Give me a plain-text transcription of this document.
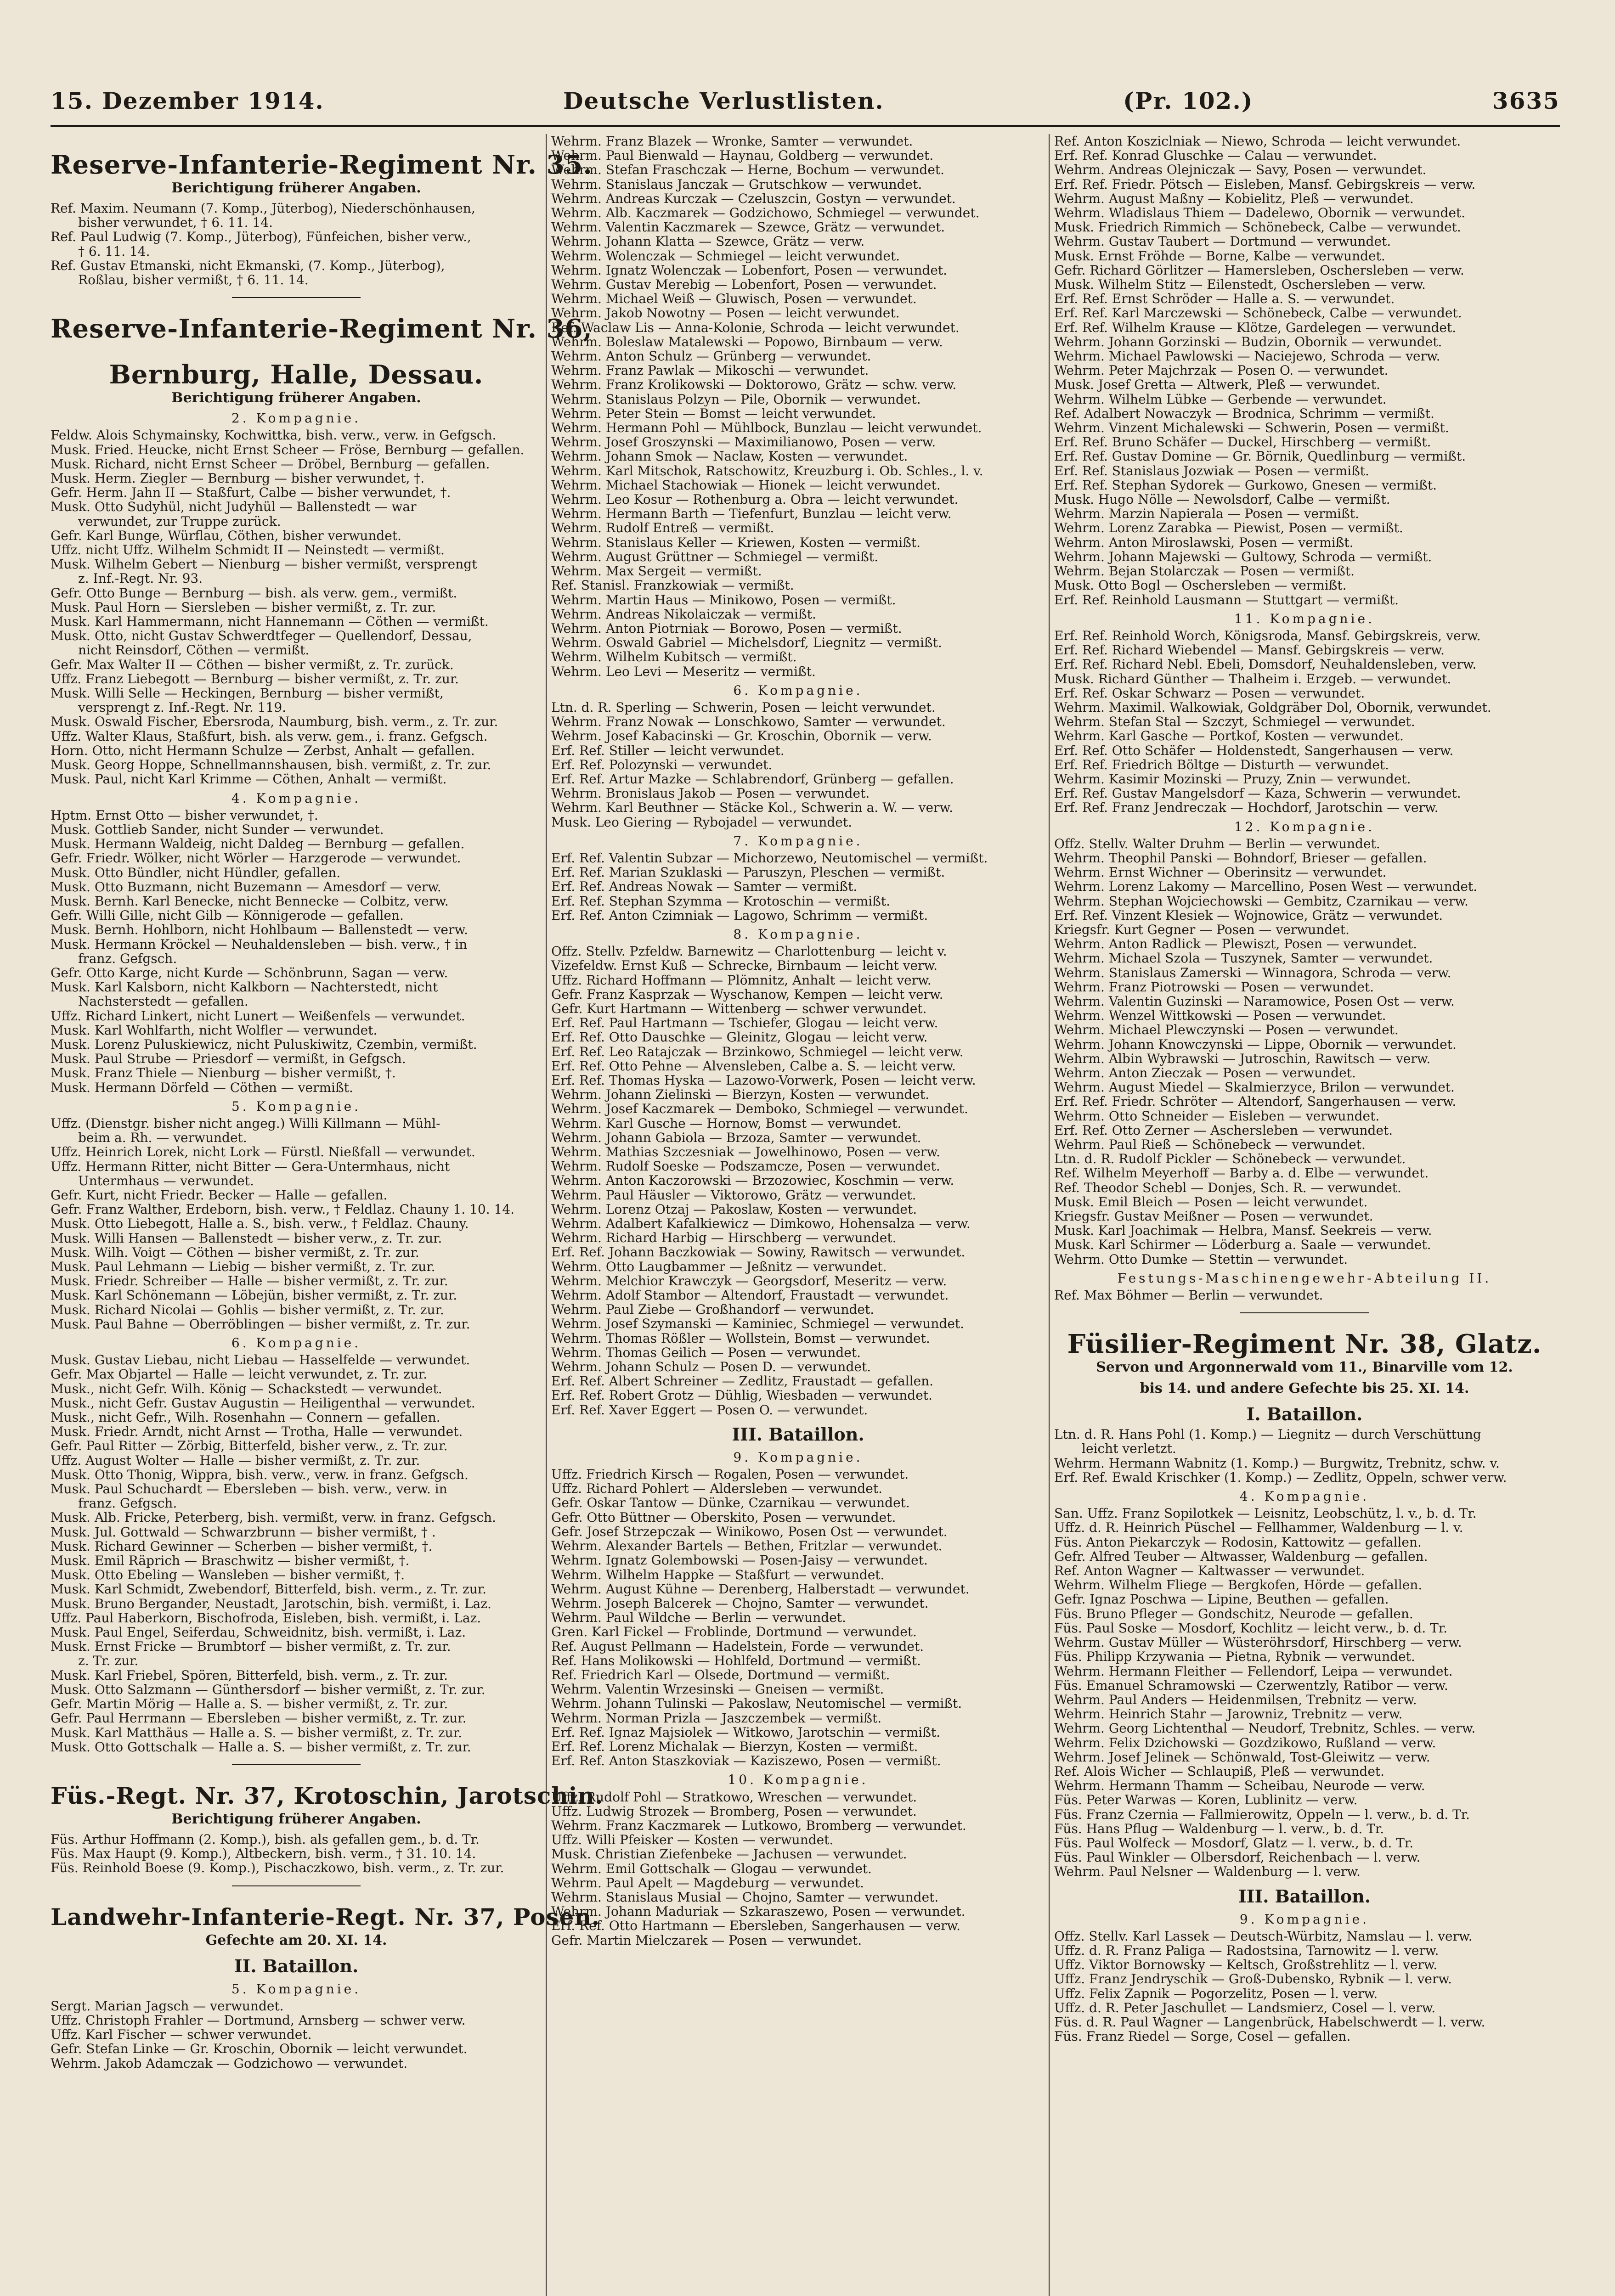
15. Dezember 1914.	Deutsche Verlustlisten.	(Pr. 102.)	3635
Reserve-Infanterie-Regiment Nr. 35.
Berichtigung früherer Angaben.
Ref. Maxim. Neumann (7. Komp., Jüterbog), Niederschönhausen,
bisher verwundet, † 6. 11. 14.
Ref. Paul Ludwig (7. Komp., Jüterbog), Fünfeichen, bisher verw.,
† 6. 11. 14.
Ref. Gustav Etmanski, nicht Ekmanski, (7. Komp., Jüterbog),
Roßlau, bisher vermißt, † 6. 11. 14.
Reserve-Infanterie-Regiment Nr. 36,
Bernburg, Halle, Dessau.
Berichtigung früherer Angaben.
2. Kompagnie.
Feldw. Alois Schymainsky, Kochwittka, bish. verw., verw. in Gefgsch.
Musk. Fried. Heucke, nicht Ernst Scheer — Fröse, Bernburg — gefallen.
Musk. Richard, nicht Ernst Scheer — Dröbel, Bernburg — gefallen.
Musk. Herm. Ziegler — Bernburg — bisher verwundet, †.
Gefr. Herm. Jahn II — Staßfurt, Calbe — bisher verwundet, †.
Musk. Otto Sudyhül, nicht Judyhül — Ballenstedt — war
verwundet, zur Truppe zurück.
Gefr. Karl Bunge, Würflau, Cöthen, bisher verwundet.
Uffz. nicht Uffz. Wilhelm Schmidt II — Neinstedt — vermißt.
Musk. Wilhelm Gebert — Nienburg — bisher vermißt, versprengt
z. Inf.-Regt. Nr. 93.
Gefr. Otto Bunge — Bernburg — bish. als verw. gem., vermißt.
Musk. Paul Horn — Siersleben — bisher vermißt, z. Tr. zur.
Musk. Karl Hammermann, nicht Hannemann — Cöthen — vermißt.
Musk. Otto, nicht Gustav Schwerdtfeger — Quellendorf, Dessau,
nicht Reinsdorf, Cöthen — vermißt.
Gefr. Max Walter II — Cöthen — bisher vermißt, z. Tr. zurück.
Uffz. Franz Liebegott — Bernburg — bisher vermißt, z. Tr. zur.
Musk. Willi Selle — Heckingen, Bernburg — bisher vermißt,
versprengt z. Inf.-Regt. Nr. 119.
Musk. Oswald Fischer, Ebersroda, Naumburg, bish. verm., z. Tr. zur.
Uffz. Walter Klaus, Staßfurt, bish. als verw. gem., i. franz. Gefgsch.
Horn. Otto, nicht Hermann Schulze — Zerbst, Anhalt — gefallen.
Musk. Georg Hoppe, Schnellmannshausen, bish. vermißt, z. Tr. zur.
Musk. Paul, nicht Karl Krimme — Cöthen, Anhalt — vermißt.
4. Kompagnie.
Hptm. Ernst Otto — bisher verwundet, †.
Musk. Gottlieb Sander, nicht Sunder — verwundet.
Musk. Hermann Waldeig, nicht Daldeg — Bernburg — gefallen.
Gefr. Friedr. Wölker, nicht Wörler — Harzgerode — verwundet.
Musk. Otto Bündler, nicht Hündler, gefallen.
Musk. Otto Buzmann, nicht Buzemann — Amesdorf — verw.
Musk. Bernh. Karl Benecke, nicht Bennecke — Colbitz, verw.
Gefr. Willi Gille, nicht Gilb — Könnigerode — gefallen.
Musk. Bernh. Hohlborn, nicht Hohlbaum — Ballenstedt — verw.
Musk. Hermann Kröckel — Neuhaldensleben — bish. verw., † in
franz. Gefgsch.
Gefr. Otto Karge, nicht Kurde — Schönbrunn, Sagan — verw.
Musk. Karl Kalsborn, nicht Kalkborn — Nachterstedt, nicht
Nachsterstedt — gefallen.
Uffz. Richard Linkert, nicht Lunert — Weißenfels — verwundet.
Musk. Karl Wohlfarth, nicht Wolfler — verwundet.
Musk. Lorenz Puluskiewicz, nicht Puluskiwitz, Czembin, vermißt.
Musk. Paul Strube — Priesdorf — vermißt, in Gefgsch.
Musk. Franz Thiele — Nienburg — bisher vermißt, †.
Musk. Hermann Dörfeld — Cöthen — vermißt.
5. Kompagnie.
Uffz. (Dienstgr. bisher nicht angeg.) Willi Killmann — Mühl-
beim a. Rh. — verwundet.
Uffz. Heinrich Lorek, nicht Lork — Fürstl. Nießfall — verwundet.
Uffz. Hermann Ritter, nicht Bitter — Gera-Untermhaus, nicht
Untermhaus — verwundet.
Gefr. Kurt, nicht Friedr. Becker — Halle — gefallen.
Gefr. Franz Walther, Erdeborn, bish. verw., † Feldlaz. Chauny 1. 10. 14.
Musk. Otto Liebegott, Halle a. S., bish. verw., † Feldlaz. Chauny.
Musk. Willi Hansen — Ballenstedt — bisher verw., z. Tr. zur.
Musk. Wilh. Voigt — Cöthen — bisher vermißt, z. Tr. zur.
Musk. Paul Lehmann — Liebig — bisher vermißt, z. Tr. zur.
Musk. Friedr. Schreiber — Halle — bisher vermißt, z. Tr. zur.
Musk. Karl Schönemann — Löbejün, bisher vermißt, z. Tr. zur.
Musk. Richard Nicolai — Gohlis — bisher vermißt, z. Tr. zur.
Musk. Paul Bahne — Oberröblingen — bisher vermißt, z. Tr. zur.
6. Kompagnie.
Musk. Gustav Liebau, nicht Liebau — Hasselfelde — verwundet.
Gefr. Max Objartel — Halle — leicht verwundet, z. Tr. zur.
Musk., nicht Gefr. Wilh. König — Schackstedt — verwundet.
Musk., nicht Gefr. Gustav Augustin — Heiligenthal — verwundet.
Musk., nicht Gefr., Wilh. Rosenhahn — Connern — gefallen.
Musk. Friedr. Arndt, nicht Arnst — Trotha, Halle — verwundet.
Gefr. Paul Ritter — Zörbig, Bitterfeld, bisher verw., z. Tr. zur.
Uffz. August Wolter — Halle — bisher vermißt, z. Tr. zur.
Musk. Otto Thonig, Wippra, bish. verw., verw. in franz. Gefgsch.
Musk. Paul Schuchardt — Ebersleben — bish. verw., verw. in
franz. Gefgsch.
Musk. Alb. Fricke, Peterberg, bish. vermißt, verw. in franz. Gefgsch.
Musk. Jul. Gottwald — Schwarzbrunn — bisher vermißt, † .
Musk. Richard Gewinner — Scherben — bisher vermißt, †.
Musk. Emil Räprich — Braschwitz — bisher vermißt, †.
Musk. Otto Ebeling — Wansleben — bisher vermißt, †.
Musk. Karl Schmidt, Zwebendorf, Bitterfeld, bish. verm., z. Tr. zur.
Musk. Bruno Bergander, Neustadt, Jarotschin, bish. vermißt, i. Laz.
Uffz. Paul Haberkorn, Bischofroda, Eisleben, bish. vermißt, i. Laz.
Musk. Paul Engel, Seiferdau, Schweidnitz, bish. vermißt, i. Laz.
Musk. Ernst Fricke — Brumbtorf — bisher vermißt, z. Tr. zur.
z. Tr. zur.
Musk. Karl Friebel, Spören, Bitterfeld, bish. verm., z. Tr. zur.
Musk. Otto Salzmann — Günthersdorf — bisher vermißt, z. Tr. zur.
Gefr. Martin Mörig — Halle a. S. — bisher vermißt, z. Tr. zur.
Gefr. Paul Herrmann — Ebersleben — bisher vermißt, z. Tr. zur.
Musk. Karl Matthäus — Halle a. S. — bisher vermißt, z. Tr. zur.
Musk. Otto Gottschalk — Halle a. S. — bisher vermißt, z. Tr. zur.
Füs.-Regt. Nr. 37, Krotoschin, Jarotschin.
Berichtigung früherer Angaben.
Füs. Arthur Hoffmann (2. Komp.), bish. als gefallen gem., b. d. Tr.
Füs. Max Haupt (9. Komp.), Altbeckern, bish. verm., † 31. 10. 14.
Füs. Reinhold Boese (9. Komp.), Pischaczkowo, bish. verm., z. Tr. zur.
Landwehr-Infanterie-Regt. Nr. 37, Posen.
Gefechte am 20. XI. 14.
II. Bataillon.
5. Kompagnie.
Sergt. Marian Jagsch — verwundet.
Uffz. Christoph Frahler — Dortmund, Arnsberg — schwer verw.
Uffz. Karl Fischer — schwer verwundet.
Gefr. Stefan Linke — Gr. Kroschin, Obornik — leicht verwundet.
Wehrm. Jakob Adamczak — Godzichowo — verwundet.
Wehrm. Franz Blazek — Wronke, Samter — verwundet.
Wehrm. Paul Bienwald — Haynau, Goldberg — verwundet.
Wehrm. Stefan Fraschczak — Herne, Bochum — verwundet.
Wehrm. Stanislaus Janczak — Grutschkow — verwundet.
Wehrm. Andreas Kurczak — Czeluszcin, Gostyn — verwundet.
Wehrm. Alb. Kaczmarek — Godzichowo, Schmiegel — verwundet.
Wehrm. Valentin Kaczmarek — Szewce, Grätz — verwundet.
Wehrm. Johann Klatta — Szewce, Grätz — verw.
Wehrm. Wolenczak — Schmiegel — leicht verwundet.
Wehrm. Ignatz Wolenczak — Lobenfort, Posen — verwundet.
Wehrm. Gustav Merebig — Lobenfort, Posen — verwundet.
Wehrm. Michael Weiß — Gluwisch, Posen — verwundet.
Wehrm. Jakob Nowotny — Posen — leicht verwundet.
Ref. Waclaw Lis — Anna-Kolonie, Schroda — leicht verwundet.
Wehrm. Boleslaw Matalewski — Popowo, Birnbaum — verw.
Wehrm. Anton Schulz — Grünberg — verwundet.
Wehrm. Franz Pawlak — Mikoschi — verwundet.
Wehrm. Franz Krolikowski — Doktorowo, Grätz — schw. verw.
Wehrm. Stanislaus Polzyn — Pile, Obornik — verwundet.
Wehrm. Peter Stein — Bomst — leicht verwundet.
Wehrm. Hermann Pohl — Mühlbock, Bunzlau — leicht verwundet.
Wehrm. Josef Groszynski — Maximilianowo, Posen — verw.
Wehrm. Johann Smok — Naclaw, Kosten — verwundet.
Wehrm. Karl Mitschok, Ratschowitz, Kreuzburg i. Ob. Schles., l. v.
Wehrm. Michael Stachowiak — Hionek — leicht verwundet.
Wehrm. Leo Kosur — Rothenburg a. Obra — leicht verwundet.
Wehrm. Hermann Barth — Tiefenfurt, Bunzlau — leicht verw.
Wehrm. Rudolf Entreß — vermißt.
Wehrm. Stanislaus Keller — Kriewen, Kosten — vermißt.
Wehrm. August Grüttner — Schmiegel — vermißt.
Wehrm. Max Sergeit — vermißt.
Ref. Stanisl. Franzkowiak — vermißt.
Wehrm. Martin Haus — Minikowo, Posen — vermißt.
Wehrm. Andreas Nikolaiczak — vermißt.
Wehrm. Anton Piotrniak — Borowo, Posen — vermißt.
Wehrm. Oswald Gabriel — Michelsdorf, Liegnitz — vermißt.
Wehrm. Wilhelm Kubitsch — vermißt.
Wehrm. Leo Levi — Meseritz — vermißt.
6. Kompagnie.
Ltn. d. R. Sperling — Schwerin, Posen — leicht verwundet.
Wehrm. Franz Nowak — Lonschkowo, Samter — verwundet.
Wehrm. Josef Kabacinski — Gr. Kroschin, Obornik — verw.
Erf. Ref. Stiller — leicht verwundet.
Erf. Ref. Polozynski — verwundet.
Erf. Ref. Artur Mazke — Schlabrendorf, Grünberg — gefallen.
Wehrm. Bronislaus Jakob — Posen — verwundet.
Wehrm. Karl Beuthner — Stäcke Kol., Schwerin a. W. — verw.
Musk. Leo Giering — Rybojadel — verwundet.
7. Kompagnie.
Erf. Ref. Valentin Subzar — Michorzewo, Neutomischel — vermißt.
Erf. Ref. Marian Szuklaski — Paruszyn, Pleschen — vermißt.
Erf. Ref. Andreas Nowak — Samter — vermißt.
Erf. Ref. Stephan Szymma — Krotoschin — vermißt.
Erf. Ref. Anton Czimniak — Lagowo, Schrimm — vermißt.
8. Kompagnie.
Offz. Stellv. Pzfeldw. Barnewitz — Charlottenburg — leicht v.
Vizefeldw. Ernst Kuß — Schrecke, Birnbaum — leicht verw.
Uffz. Richard Hoffmann — Plömnitz, Anhalt — leicht verw.
Gefr. Franz Kasprzak — Wyschanow, Kempen — leicht verw.
Gefr. Kurt Hartmann — Wittenberg — schwer verwundet.
Erf. Ref. Paul Hartmann — Tschiefer, Glogau — leicht verw.
Erf. Ref. Otto Dauschke — Gleinitz, Glogau — leicht verw.
Erf. Ref. Leo Ratajczak — Brzinkowo, Schmiegel — leicht verw.
Erf. Ref. Otto Pehne — Alvensleben, Calbe a. S. — leicht verw.
Erf. Ref. Thomas Hyska — Lazowo-Vorwerk, Posen — leicht verw.
Wehrm. Johann Zielinski — Bierzyn, Kosten — verwundet.
Wehrm. Josef Kaczmarek — Demboko, Schmiegel — verwundet.
Wehrm. Karl Gusche — Hornow, Bomst — verwundet.
Wehrm. Johann Gabiola — Brzoza, Samter — verwundet.
Wehrm. Mathias Szczesniak — Jowelhinowo, Posen — verw.
Wehrm. Rudolf Soeske — Podszamcze, Posen — verwundet.
Wehrm. Anton Kaczorowski — Brzozowiec, Koschmin — verw.
Wehrm. Paul Häusler — Viktorowo, Grätz — verwundet.
Wehrm. Lorenz Otzaj — Pakoslaw, Kosten — verwundet.
Wehrm. Adalbert Kafalkiewicz — Dimkowo, Hohensalza — verw.
Wehrm. Richard Harbig — Hirschberg — verwundet.
Erf. Ref. Johann Baczkowiak — Sowiny, Rawitsch — verwundet.
Wehrm. Otto Laugbammer — Jeßnitz — verwundet.
Wehrm. Melchior Krawczyk — Georgsdorf, Meseritz — verw.
Wehrm. Adolf Stambor — Altendorf, Fraustadt — verwundet.
Wehrm. Paul Ziebe — Großhandorf — verwundet.
Wehrm. Josef Szymanski — Kaminiec, Schmiegel — verwundet.
Wehrm. Thomas Rößler — Wollstein, Bomst — verwundet.
Wehrm. Thomas Geilich — Posen — verwundet.
Wehrm. Johann Schulz — Posen D. — verwundet.
Erf. Ref. Albert Schreiner — Zedlitz, Fraustadt — gefallen.
Erf. Ref. Robert Grotz — Dühlig, Wiesbaden — verwundet.
Erf. Ref. Xaver Eggert — Posen O. — verwundet.
III. Bataillon.
9. Kompagnie.
Uffz. Friedrich Kirsch — Rogalen, Posen — verwundet.
Uffz. Richard Pohlert — Aldersleben — verwundet.
Gefr. Oskar Tantow — Dünke, Czarnikau — verwundet.
Gefr. Otto Büttner — Oberskito, Posen — verwundet.
Gefr. Josef Strzepczak — Winikowo, Posen Ost — verwundet.
Wehrm. Alexander Bartels — Bethen, Fritzlar — verwundet.
Wehrm. Ignatz Golembowski — Posen-Jaisy — verwundet.
Wehrm. Wilhelm Happke — Staßfurt — verwundet.
Wehrm. August Kühne — Derenberg, Halberstadt — verwundet.
Wehrm. Joseph Balcerek — Chojno, Samter — verwundet.
Wehrm. Paul Wildche — Berlin — verwundet.
Gren. Karl Fickel — Froblinde, Dortmund — verwundet.
Ref. August Pellmann — Hadelstein, Forde — verwundet.
Ref. Hans Molikowski — Hohlfeld, Dortmund — vermißt.
Ref. Friedrich Karl — Olsede, Dortmund — vermißt.
Wehrm. Valentin Wrzesinski — Gneisen — vermißt.
Wehrm. Johann Tulinski — Pakoslaw, Neutomischel — vermißt.
Wehrm. Norman Prizla — Jaszczembek — vermißt.
Erf. Ref. Ignaz Majsiolek — Witkowo, Jarotschin — vermißt.
Erf. Ref. Lorenz Michalak — Bierzyn, Kosten — vermißt.
Erf. Ref. Anton Staszkoviak — Kaziszewo, Posen — vermißt.
10. Kompagnie.
Uffz. Rudolf Pohl — Stratkowo, Wreschen — verwundet.
Uffz. Ludwig Strozek — Bromberg, Posen — verwundet.
Wehrm. Franz Kaczmarek — Lutkowo, Bromberg — verwundet.
Uffz. Willi Pfeisker — Kosten — verwundet.
Musk. Christian Ziefenbeke — Jachusen — verwundet.
Wehrm. Emil Gottschalk — Glogau — verwundet.
Wehrm. Paul Apelt — Magdeburg — verwundet.
Wehrm. Stanislaus Musial — Chojno, Samter — verwundet.
Wehrm. Johann Maduriak — Szkaraszewo, Posen — verwundet.
Erf. Ref. Otto Hartmann — Ebersleben, Sangerhausen — verw.
Gefr. Martin Mielczarek — Posen — verwundet.
Ref. Anton Kosziclniak — Niewo, Schroda — leicht verwundet.
Erf. Ref. Konrad Gluschke — Calau — verwundet.
Wehrm. Andreas Olejniczak — Savy, Posen — verwundet.
Erf. Ref. Friedr. Pötsch — Eisleben, Mansf. Gebirgskreis — verw.
Wehrm. August Maßny — Kobielitz, Pleß — verwundet.
Wehrm. Wladislaus Thiem — Dadelewo, Obornik — verwundet.
Musk. Friedrich Rimmich — Schönebeck, Calbe — verwundet.
Wehrm. Gustav Taubert — Dortmund — verwundet.
Musk. Ernst Fröhde — Borne, Kalbe — verwundet.
Gefr. Richard Görlitzer — Hamersleben, Oschersleben — verw.
Musk. Wilhelm Stitz — Eilenstedt, Oschersleben — verw.
Erf. Ref. Ernst Schröder — Halle a. S. — verwundet.
Erf. Ref. Karl Marczewski — Schönebeck, Calbe — verwundet.
Erf. Ref. Wilhelm Krause — Klötze, Gardelegen — verwundet.
Wehrm. Johann Gorzinski — Budzin, Obornik — verwundet.
Wehrm. Michael Pawlowski — Naciejewo, Schroda — verw.
Wehrm. Peter Majchrzak — Posen O. — verwundet.
Musk. Josef Gretta — Altwerk, Pleß — verwundet.
Wehrm. Wilhelm Lübke — Gerbende — verwundet.
Ref. Adalbert Nowaczyk — Brodnica, Schrimm — vermißt.
Wehrm. Vinzent Michalewski — Schwerin, Posen — vermißt.
Erf. Ref. Bruno Schäfer — Duckel, Hirschberg — vermißt.
Erf. Ref. Gustav Domine — Gr. Börnik, Quedlinburg — vermißt.
Erf. Ref. Stanislaus Jozwiak — Posen — vermißt.
Erf. Ref. Stephan Sydorek — Gurkowo, Gnesen — vermißt.
Musk. Hugo Nölle — Newolsdorf, Calbe — vermißt.
Wehrm. Marzin Napierala — Posen — vermißt.
Wehrm. Lorenz Zarabka — Piewist, Posen — vermißt.
Wehrm. Anton Miroslawski, Posen — vermißt.
Wehrm. Johann Majewski — Gultowy, Schroda — vermißt.
Wehrm. Bejan Stolarczak — Posen — vermißt.
Musk. Otto Bogl — Oschersleben — vermißt.
Erf. Ref. Reinhold Lausmann — Stuttgart — vermißt.
11. Kompagnie.
Erf. Ref. Reinhold Worch, Königsroda, Mansf. Gebirgskreis, verw.
Erf. Ref. Richard Wiebendel — Mansf. Gebirgskreis — verw.
Erf. Ref. Richard Nebl. Ebeli, Domsdorf, Neuhaldensleben, verw.
Musk. Richard Günther — Thalheim i. Erzgeb. — verwundet.
Erf. Ref. Oskar Schwarz — Posen — verwundet.
Wehrm. Maximil. Walkowiak, Goldgräber Dol, Obornik, verwundet.
Wehrm. Stefan Stal — Szczyt, Schmiegel — verwundet.
Wehrm. Karl Gasche — Portkof, Kosten — verwundet.
Erf. Ref. Otto Schäfer — Holdenstedt, Sangerhausen — verw.
Erf. Ref. Friedrich Böltge — Disturth — verwundet.
Wehrm. Kasimir Mozinski — Pruzy, Znin — verwundet.
Erf. Ref. Gustav Mangelsdorf — Kaza, Schwerin — verwundet.
Erf. Ref. Franz Jendreczak — Hochdorf, Jarotschin — verw.
12. Kompagnie.
Offz. Stellv. Walter Druhm — Berlin — verwundet.
Wehrm. Theophil Panski — Bohndorf, Brieser — gefallen.
Wehrm. Ernst Wichner — Oberinsitz — verwundet.
Wehrm. Lorenz Lakomy — Marcellino, Posen West — verwundet.
Wehrm. Stephan Wojciechowski — Gembitz, Czarnikau — verw.
Erf. Ref. Vinzent Klesiek — Wojnowice, Grätz — verwundet.
Kriegsfr. Kurt Gegner — Posen — verwundet.
Wehrm. Anton Radlick — Plewiszt, Posen — verwundet.
Wehrm. Michael Szola — Tuszynek, Samter — verwundet.
Wehrm. Stanislaus Zamerski — Winnagora, Schroda — verw.
Wehrm. Franz Piotrowski — Posen — verwundet.
Wehrm. Valentin Guzinski — Naramowice, Posen Ost — verw.
Wehrm. Wenzel Wittkowski — Posen — verwundet.
Wehrm. Michael Plewczynski — Posen — verwundet.
Wehrm. Johann Knowczynski — Lippe, Obornik — verwundet.
Wehrm. Albin Wybrawski — Jutroschin, Rawitsch — verw.
Wehrm. Anton Zieczak — Posen — verwundet.
Wehrm. August Miedel — Skalmierzyce, Brilon — verwundet.
Erf. Ref. Friedr. Schröter — Altendorf, Sangerhausen — verw.
Wehrm. Otto Schneider — Eisleben — verwundet.
Erf. Ref. Otto Zerner — Aschersleben — verwundet.
Wehrm. Paul Rieß — Schönebeck — verwundet.
Ltn. d. R. Rudolf Pickler — Schönebeck — verwundet.
Ref. Wilhelm Meyerhoff — Barby a. d. Elbe — verwundet.
Ref. Theodor Schebl — Donjes, Sch. R. — verwundet.
Musk. Emil Bleich — Posen — leicht verwundet.
Kriegsfr. Gustav Meißner — Posen — verwundet.
Musk. Karl Joachimak — Helbra, Mansf. Seekreis — verw.
Musk. Karl Schirmer — Löderburg a. Saale — verwundet.
Wehrm. Otto Dumke — Stettin — verwundet.
Festungs-Maschinengewehr-Abteilung II.
Ref. Max Böhmer — Berlin — verwundet.
Füsilier-Regiment Nr. 38, Glatz.
Servon und Argonnerwald vom 11., Binarville vom 12.
bis 14. und andere Gefechte bis 25. XI. 14.
I. Bataillon.
Ltn. d. R. Hans Pohl (1. Komp.) — Liegnitz — durch Verschüttung
leicht verletzt.
Wehrm. Hermann Wabnitz (1. Komp.) — Burgwitz, Trebnitz, schw. v.
Erf. Ref. Ewald Krischker (1. Komp.) — Zedlitz, Oppeln, schwer verw.
4. Kompagnie.
San. Uffz. Franz Sopilotkek — Leisnitz, Leobschütz, l. v., b. d. Tr.
Uffz. d. R. Heinrich Püschel — Fellhammer, Waldenburg — l. v.
Füs. Anton Piekarczyk — Rodosin, Kattowitz — gefallen.
Gefr. Alfred Teuber — Altwasser, Waldenburg — gefallen.
Ref. Anton Wagner — Kaltwasser — verwundet.
Wehrm. Wilhelm Fliege — Bergkofen, Hörde — gefallen.
Gefr. Ignaz Poschwa — Lipine, Beuthen — gefallen.
Füs. Bruno Pfleger — Gondschitz, Neurode — gefallen.
Füs. Paul Soske — Mosdorf, Kochlitz — leicht verw., b. d. Tr.
Wehrm. Gustav Müller — Wüsteröhrsdorf, Hirschberg — verw.
Füs. Philipp Krzywania — Pietna, Rybnik — verwundet.
Wehrm. Hermann Fleither — Fellendorf, Leipa — verwundet.
Füs. Emanuel Schramowski — Czerwentzly, Ratibor — verw.
Wehrm. Paul Anders — Heidenmilsen, Trebnitz — verw.
Wehrm. Heinrich Stahr — Jarowniz, Trebnitz — verw.
Wehrm. Georg Lichtenthal — Neudorf, Trebnitz, Schles. — verw.
Wehrm. Felix Dzichowski — Gozdzikowo, Rußland — verw.
Wehrm. Josef Jelinek — Schönwald, Tost-Gleiwitz — verw.
Ref. Alois Wicher — Schlaupiß, Pleß — verwundet.
Wehrm. Hermann Thamm — Scheibau, Neurode — verw.
Füs. Peter Warwas — Koren, Lublinitz — verw.
Füs. Franz Czernia — Fallmierowitz, Oppeln — l. verw., b. d. Tr.
Füs. Hans Pflug — Waldenburg — l. verw., b. d. Tr.
Füs. Paul Wolfeck — Mosdorf, Glatz — l. verw., b. d. Tr.
Füs. Paul Winkler — Olbersdorf, Reichenbach — l. verw.
Wehrm. Paul Nelsner — Waldenburg — l. verw.
III. Bataillon.
9. Kompagnie.
Offz. Stellv. Karl Lassek — Deutsch-Würbitz, Namslau — l. verw.
Uffz. d. R. Franz Paliga — Radostsina, Tarnowitz — l. verw.
Uffz. Viktor Bornowsky — Keltsch, Großstrehlitz — l. verw.
Uffz. Franz Jendryschik — Groß-Dubensko, Rybnik — l. verw.
Uffz. Felix Zapnik — Pogorzelitz, Posen — l. verw.
Uffz. d. R. Peter Jaschullet — Landsmierz, Cosel — l. verw.
Füs. d. R. Paul Wagner — Langenbrück, Habelschwerdt — l. verw.
Füs. Franz Riedel — Sorge, Cosel — gefallen.
